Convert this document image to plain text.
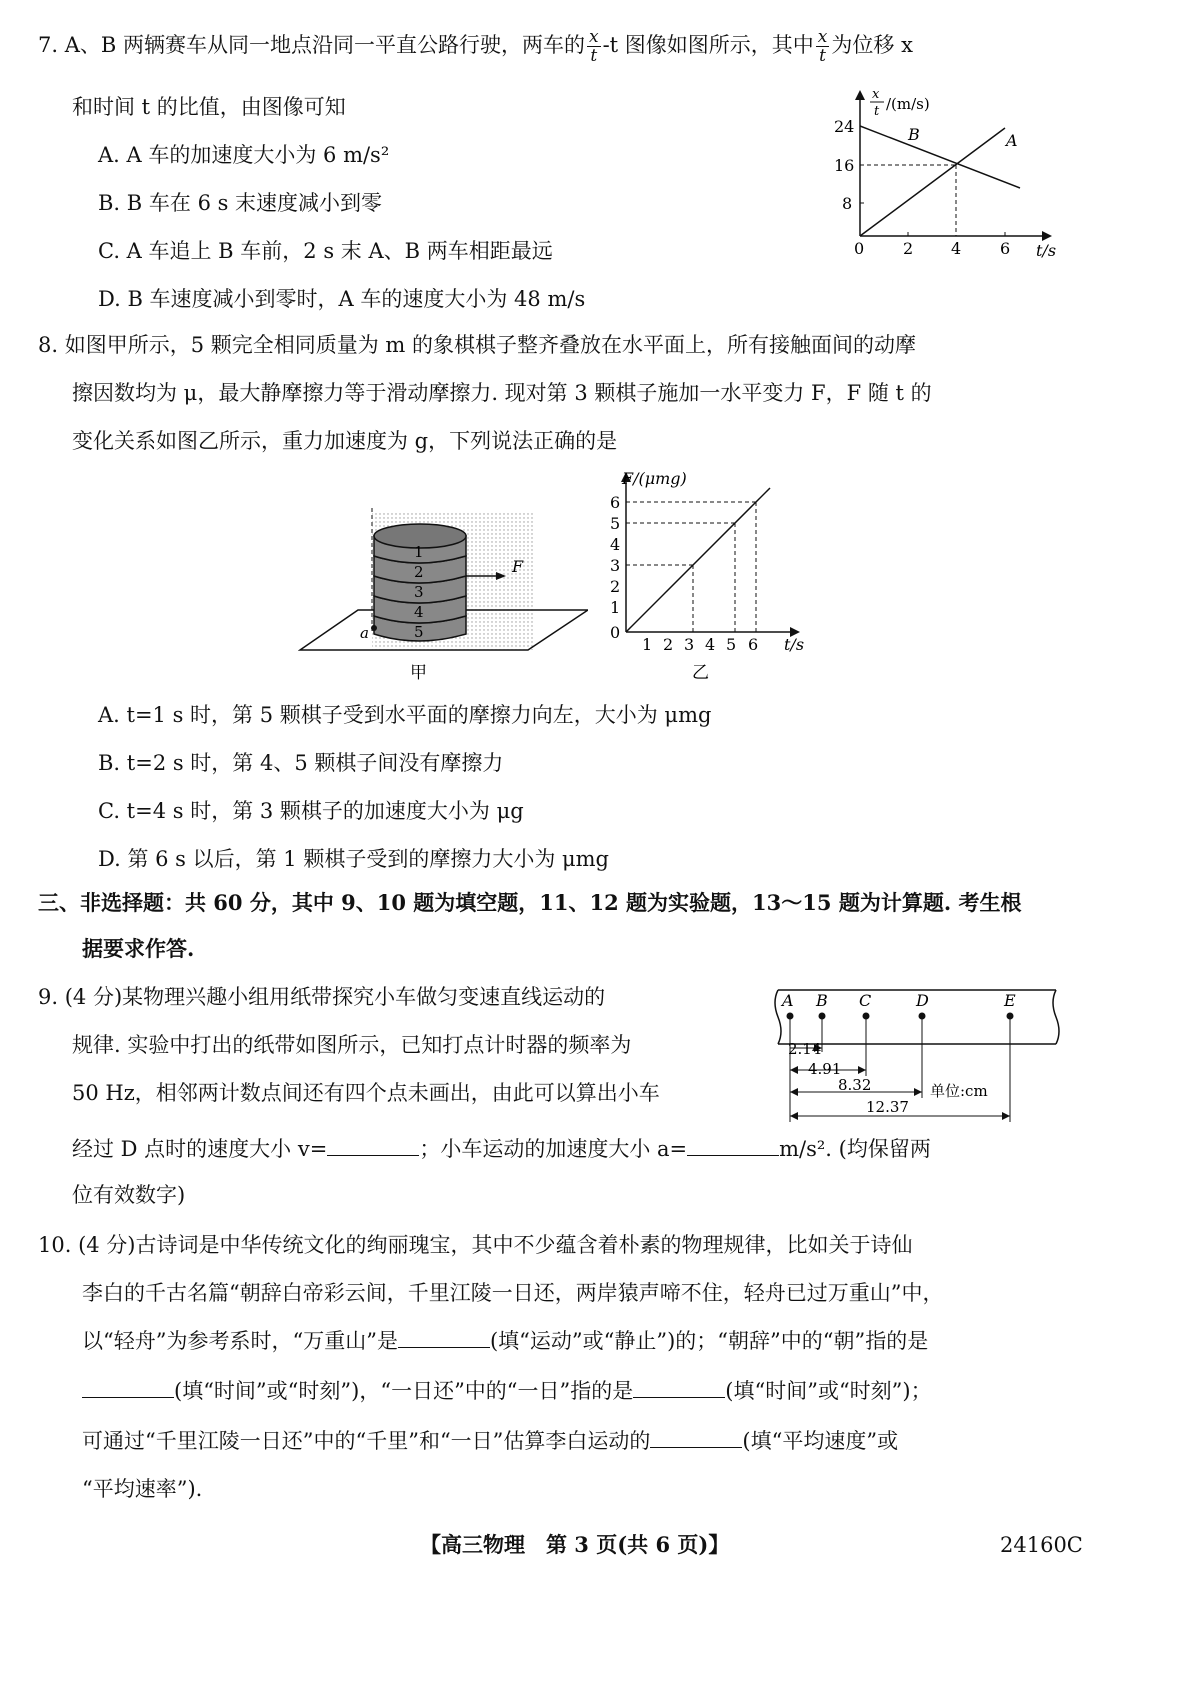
7. A、B 两辆赛车从同一地点沿同一平直公路行驶，两车的 $\frac{x}{t} -t$ 图像如图所示，其中 $\frac{x}{t}$ 为位移 x
和时间 t 的比值，由图像可知
A. A 车的加速度大小为 6 m/s²
B. B 车在 6 s 末速度减小到零
C. A 车追上 B 车前，2 s 末 A、B 两车相距最远
D. B 车速度减小到零时，A 车的速度大小为 48 m/s
x
t /(m/s)
24
16
8
0 2 4 6 t/s
B	A
8. 如图甲所示，5 颗完全相同质量为 m 的象棋棋子整齐叠放在水平面上，所有接触面间的动摩
擦因数均为 μ，最大静摩擦力等于滑动摩擦力. 现对第 3 颗棋子施加一水平变力 F，F 随 t 的
变化关系如图乙所示，重力加速度为 g，下列说法正确的是
1
2
3
4
5
F
a
甲
F/(μmg)
6
5
4
3
2
1
0
1 2 3 4 5 6 t/s
乙
A. t=1 s 时，第 5 颗棋子受到水平面的摩擦力向左，大小为 μmg
B. t=2 s 时，第 4、5 颗棋子间没有摩擦力
C. t=4 s 时，第 3 颗棋子的加速度大小为 μg
D. 第 6 s 以后，第 1 颗棋子受到的摩擦力大小为 μmg
三、非选择题：共 60 分，其中 9、10 题为填空题，11、12 题为实验题，13～15 题为计算题. 考生根
据要求作答.
9. (4 分)某物理兴趣小组用纸带探究小车做匀变速直线运动的
规律. 实验中打出的纸带如图所示，已知打点计时器的频率为
50 Hz，相邻两计数点间还有四个点未画出，由此可以算出小车
经过 D 点时的速度大小 v=	；小车运动的加速度大小 a=	m/s². (均保留两
位有效数字)
A B C	D	E
2.14
4.91
8.32
12.37
单位:cm
10. (4 分)古诗词是中华传统文化的绚丽瑰宝，其中不少蕴含着朴素的物理规律，比如关于诗仙
李白的千古名篇“朝辞白帝彩云间，千里江陵一日还，两岸猿声啼不住，轻舟已过万重山”中，
以“轻舟”为参考系时，“万重山”是	(填“运动”或“静止”)的；“朝辞”中的“朝”指的是
(填“时间”或“时刻”)，“一日还”中的“一日”指的是	(填“时间”或“时刻”)；
可通过“千里江陵一日还”中的“千里”和“一日”估算李白运动的	(填“平均速度”或
“平均速率”).
【高三物理　第 3 页(共 6 页)】	24160C
